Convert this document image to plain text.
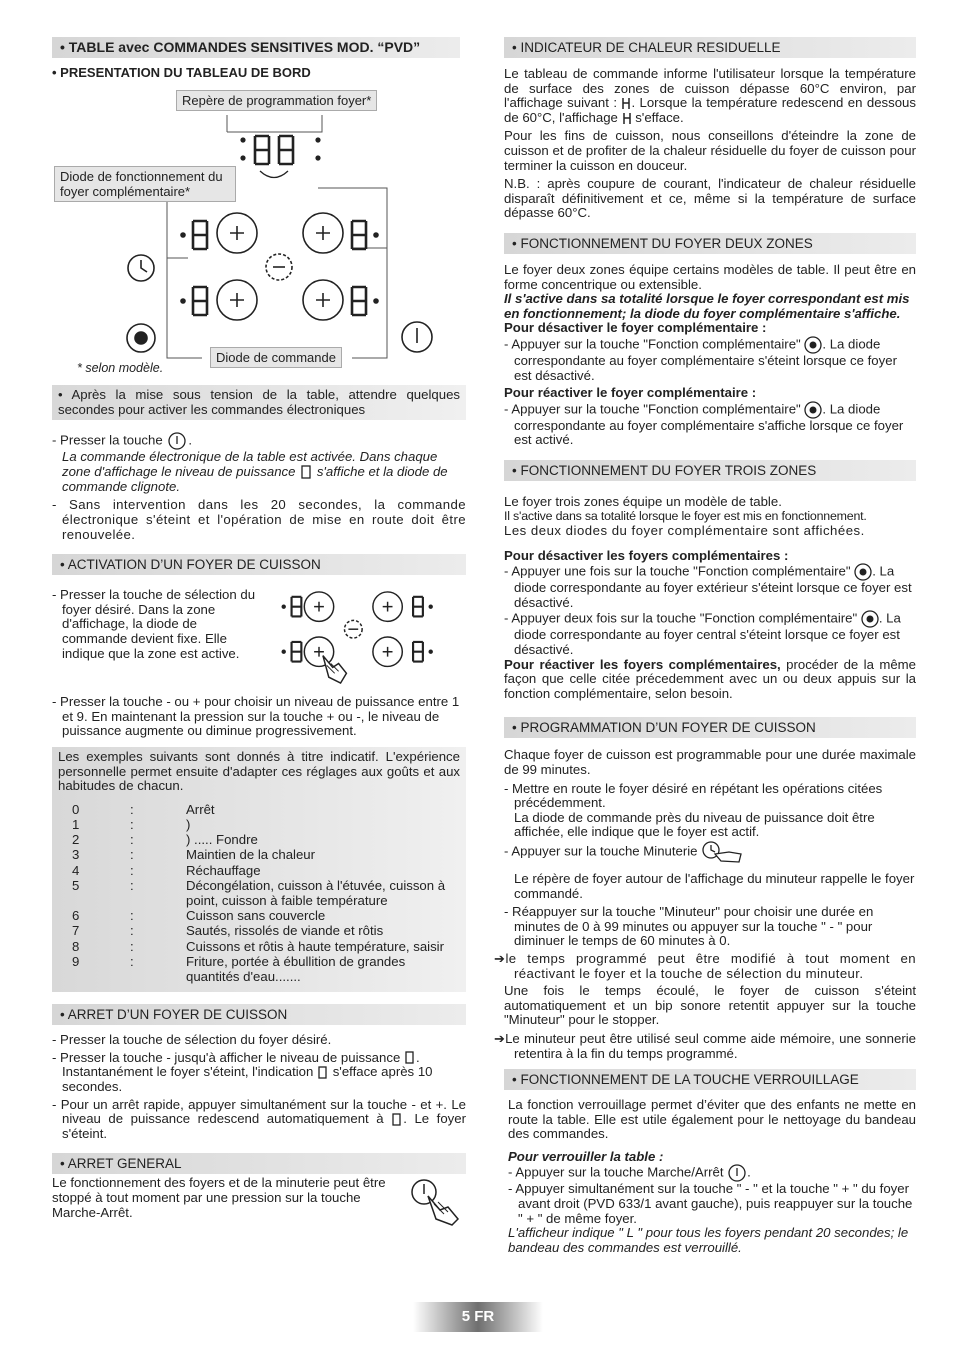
• TABLE avec COMMANDES SENSITIVES MOD. “PVD”

• PRESENTATION DU TABLEAU DE BORD

Repère de programmation foyer*
Diode de fonctionnement du foyer complémentaire*
Diode de commande
* selon modèle.
• Après la mise sous tension de la table, attendre quelques secondes pour activer les commandes électroniques

- Presser la touche .

La commande électronique de la table est activée. Dans chaque zone d'affichage le niveau de puissance s'affiche et la diode de commande clignote.

- Sans intervention dans les 20 secondes, la commande électronique s'éteint et l'opération de mise en route doit être renouvelée.

• ACTIVATION D’UN FOYER DE CUISSON

- Presser la touche de sélection du foyer désiré. Dans la zone d'affichage, la diode de commande devient fixe. Elle indique que la zone est active.

- Presser la touche - ou + pour choisir un niveau de puissance entre 1 et 9. En maintenant la pression sur la touche + ou -, le niveau de puissance augmente ou diminue progressivement.

Les exemples suivants sont donnés à titre indicatif. L'expérience personnelle permet ensuite d'adapter ces réglages aux goûts et aux habitudes de chacun.

0	:	Arrêt
1	:	)
2	:	) ..... Fondre
3	:	Maintien de la chaleur
4	:	Réchauffage
5	:	Décongélation, cuisson à l'étuvée, cuisson à point, cuisson à faible température
6	:	Cuisson sans couvercle
7	:	Sautés, rissolés de viande et rôtis
8	:	Cuissons et rôtis à haute température, saisir
9	:	Friture, portée à ébullition de grandes quantités d'eau.......
• ARRET D’UN FOYER DE CUISSON

- Presser la touche de sélection du foyer désiré.

- Presser la touche - jusqu'à afficher le niveau de puissance . Instantanément le foyer s'éteint, l'indication s'efface après 10 secondes.

- Pour un arrêt rapide, appuyer simultanément sur la touche - et +. Le niveau de puissance redescend automatiquement à . Le foyer s'éteint.

• ARRET GENERAL

Le fonctionnement des foyers et de la minuterie peut être stoppé à tout moment par une pression sur la touche Marche-Arrêt.

• INDICATEUR DE CHALEUR RESIDUELLE

Le tableau de commande informe l'utilisateur lorsque la température de surface des zones de cuisson dépasse 60°C environ, par l'affichage suivant : . Lorsque la température redescend en dessous de 60°C, l'affichage s'efface.

Pour les fins de cuisson, nous conseillons d'éteindre la zone de cuisson et de profiter de la chaleur résiduelle du foyer de cuisson pour terminer la cuisson en douceur.

N.B. : après coupure de courant, l'indicateur de chaleur résiduelle disparaît définitivement et ce, même si la température de surface dépasse 60°C.

• FONCTIONNEMENT DU FOYER DEUX ZONES

Le foyer deux zones équipe certains modèles de table. Il peut être en forme concentrique ou extensible.

Il s'active dans sa totalité lorsque le foyer correspondant est mis en fonctionnement; la diode du foyer complémentaire s'affiche.

Pour désactiver le foyer complémentaire :

- Appuyer sur la touche "Fonction complémentaire" . La diode correspondante au foyer complémentaire s'éteint lorsque ce foyer est désactivé.

Pour réactiver le foyer complémentaire :

- Appuyer sur la touche "Fonction complémentaire" . La diode correspondante au foyer complémentaire s'affiche lorsque ce foyer est activé.

• FONCTIONNEMENT DU FOYER TROIS ZONES

Le foyer trois zones équipe un modèle de table.

Il s'active dans sa totalité lorsque le foyer est mis en fonctionnement.

Les deux diodes du foyer complémentaire sont affichées.

Pour désactiver les foyers complémentaires :

- Appuyer une fois sur la touche "Fonction complémentaire" . La diode correspondante au foyer extérieur s'éteint lorsque ce foyer est désactivé.

- Appuyer deux fois sur la touche "Fonction complémentaire" . La diode correspondante au foyer central s'éteint lorsque ce foyer est désactivé.

Pour réactiver les foyers complémentaires, procéder de la même façon que celle citée précedemment avec un ou deux appuis sur la fonction complémentaire, selon besoin.

• PROGRAMMATION D’UN FOYER DE CUISSON

Chaque foyer de cuisson est programmable pour une durée maximale de 99 minutes.

- Mettre en route le foyer désiré en répétant les opérations citées précédemment.

La diode de commande près du niveau de puissance doit être affichée, elle indique que le foyer est actif.

- Appuyer sur la touche Minuterie

Le répère de foyer autour de l'affichage du minuteur rappelle le foyer commandé.

- Réappuyer sur la touche "Minuteur" pour choisir une durée en minutes de 0 à 99 minutes ou appuyer sur la touche " - " pour diminuer le temps de 60 minutes à 0.

➔le temps programmé peut être modifié à tout moment en réactivant le foyer et la touche de sélection du minuteur.

Une fois le temps écoulé, le foyer de cuisson s'éteint automatiquement et un bip sonore retentit appuyer sur la touche "Minuteur" pour le stopper.

➔Le minuteur peut être utilisé seul comme aide mémoire, une sonnerie retentira à la fin du temps programmé.

• FONCTIONNEMENT DE LA TOUCHE VERROUILLAGE

La fonction verrouillage permet d’éviter que des enfants ne mette en route la table. Elle est utile également pour le nettoyage du bandeau des commandes.

Pour verrouiller la table :

- Appuyer sur la touche Marche/Arrêt .

- Appuyer simultanément sur la touche " - " et la touche " + " du foyer avant droit (PVD 633/1 avant gauche), puis reappuyer sur la touche " + " de même foyer.

L'afficheur indique " L " pour tous les foyers pendant 20 secondes; le bandeau des commandes est verrouillé.

5 FR
